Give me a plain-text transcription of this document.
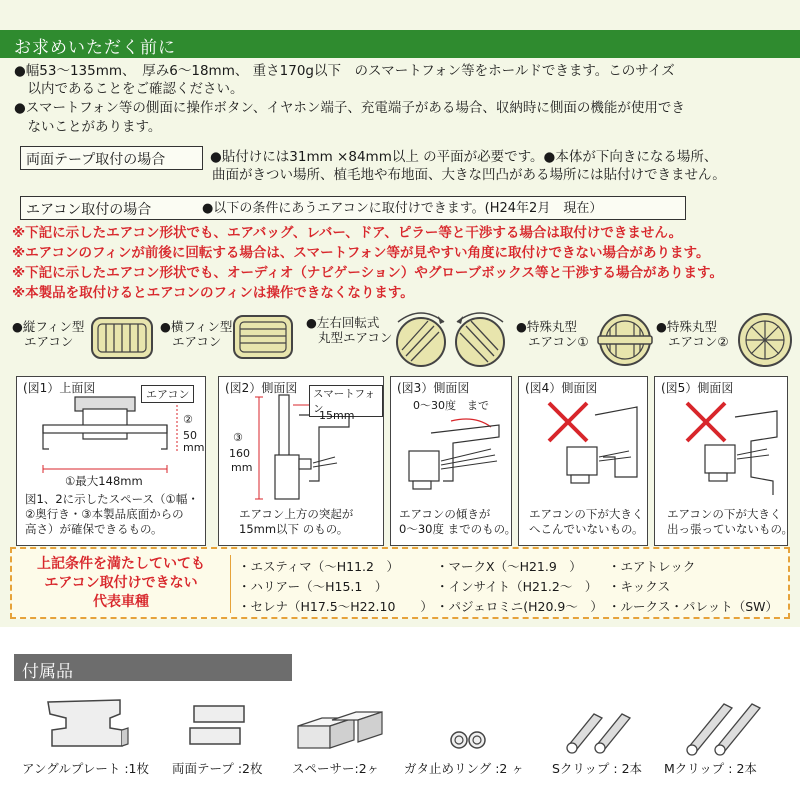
お求めいただく前に
●幅53～135mm、　厚み6～18mm、 重さ170g以下　のスマートフォン等をホールドできます。このサイズ
　以内であることをご確認ください。
●スマートフォン等の側面に操作ボタン、イヤホン端子、充電端子がある場合、収納時に側面の機能が使用でき
　ないことがあります。
両面テープ取付の場合	●貼付けには31mm ×84mm以上 の平面が必要です。●本体が下向きになる場所、
曲面がきつい場所、植毛地や布地面、大きな凹凸がある場所には貼付けできません。
エアコン取付の場合	●以下の条件にあうエアコンに取付けできます。(H24年2月　現在）
※下記に示したエアコン形状でも、エアバッグ、レバー、ドア、ピラー等と干渉する場合は取付けできません。
※エアコンのフィンが前後に回転する場合は、スマートフォン等が見やすい角度に取付けできない場合があります。
※下記に示したエアコン形状でも、オーディオ（ナビゲーション）やグローブボックス等と干渉する場合があります。
※本製品を取付けるとエアコンのフィンは操作できなくなります。
●縦フィン型
エアコン
●横フィン型
エアコン
●左右回転式
丸型エアコン
●特殊丸型
エアコン①
●特殊丸型
エアコン②
(図1）上面図	エアコン
②
50
mm
①最大148mm
図1、2に示したスペース（①幅・
②奥行き・③本製品底面からの
高さ）が確保できるもの。
(図2）側面図	スマートフォン
15mm
③
160
mm
エアコン上方の突起が
15mm以下 のもの。
(図3）側面図
0～30度　まで
エアコンの傾きが
0～30度 までのもの。
(図4）側面図
エアコンの下が大きく
へこんでいないもの。
(図5）側面図
エアコンの下が大きく
出っ張っていないもの。
上記条件を満たしていても
エアコン取付けできない
代表車種
・エスティマ（～H11.2　）
・ハリアー（～H15.1　）
・セレナ（H17.5～H22.10　　）
・マークX（～H21.9　）
・インサイト（H21.2～　）
・パジェロミニ(H20.9～　）
・エアトレック
・キックス
・ルークス・パレット（SW）
付属品
アングルプレート :1枚 両面テープ :2枚 スペーサー:2ヶ ガタ止めリング :2 ヶ Sクリップ : 2本 Mクリップ : 2本
